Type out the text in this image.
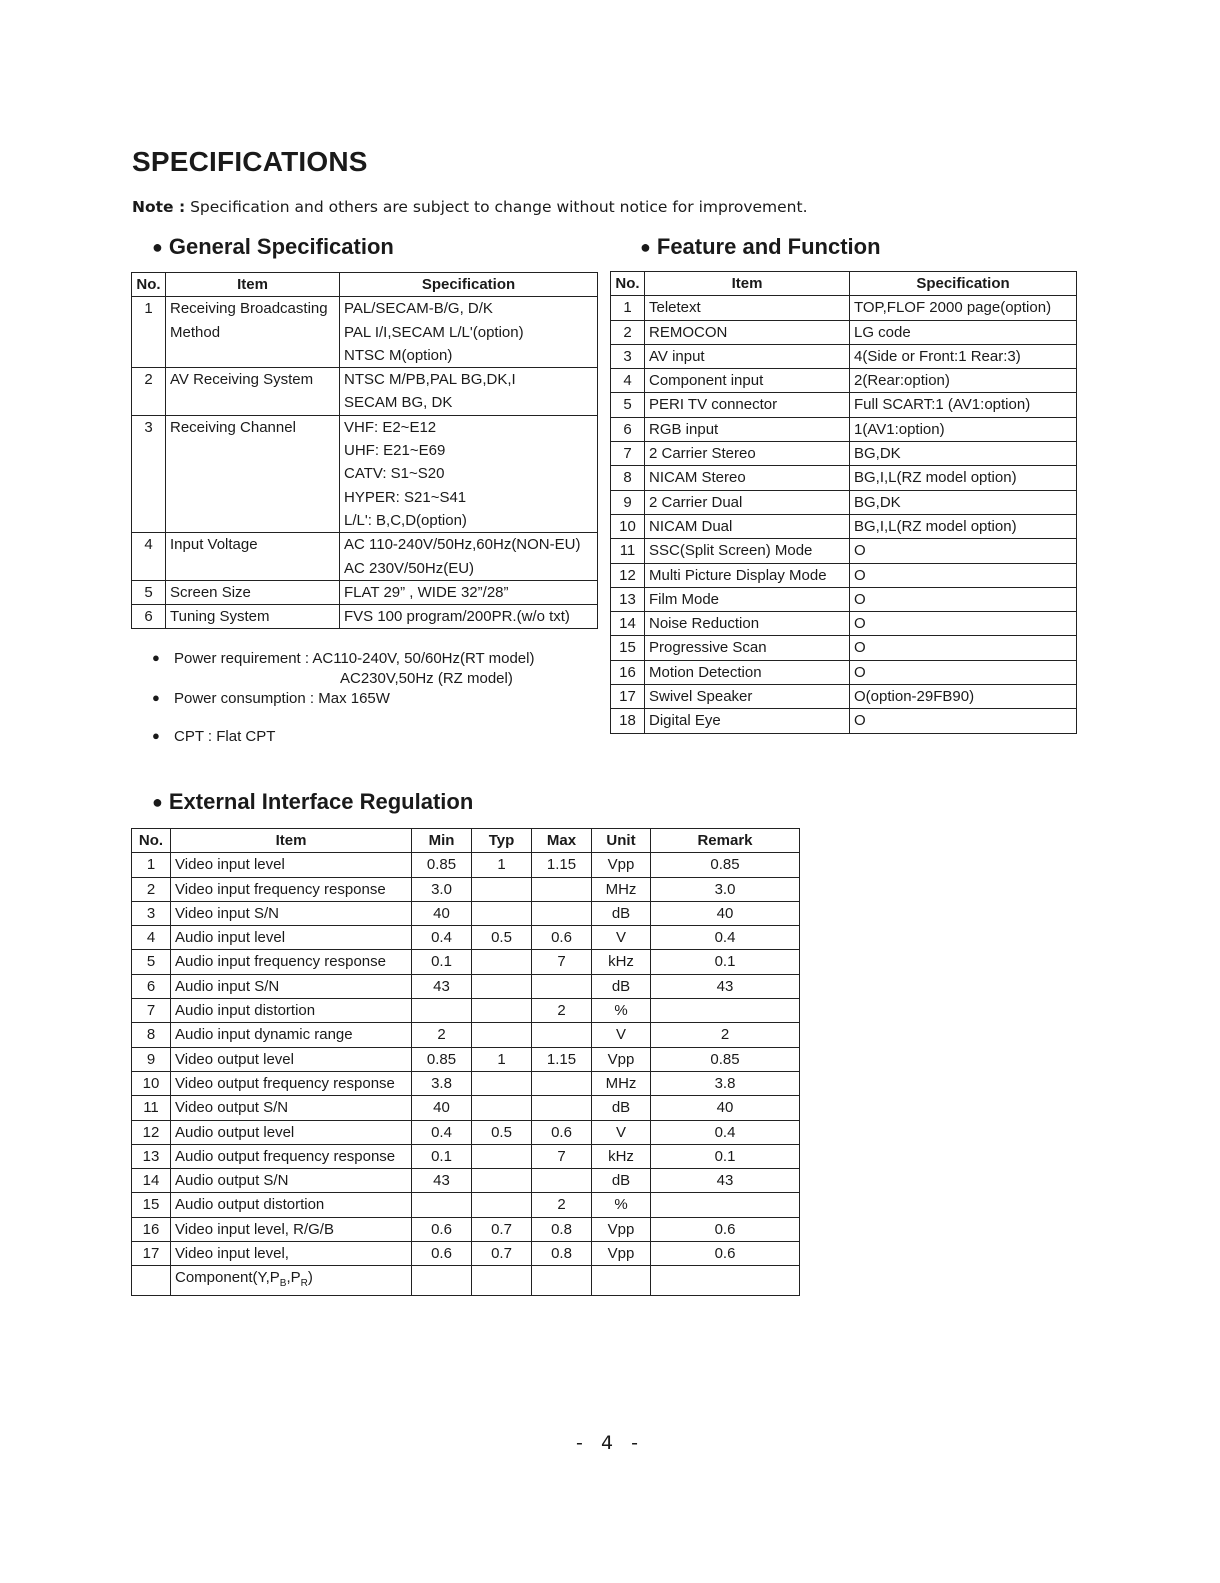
SPECIFICATIONS
Note : Specification and others are subject to change without notice for improvement.
● General Specification
No.	Item	Specification
1	Receiving Broadcasting	PAL/SECAM-B/G, D/K
	Method	PAL I/I,SECAM L/L'(option)
		NTSC M(option)
2	AV Receiving System	NTSC M/PB,PAL BG,DK,I
		SECAM BG, DK
3	Receiving Channel	VHF: E2~E12
		UHF: E21~E69
		CATV: S1~S20
		HYPER: S21~S41
		L/L': B,C,D(option)
4	Input Voltage	AC 110-240V/50Hz,60Hz(NON-EU)
		AC 230V/50Hz(EU)
5	Screen Size	FLAT 29” , WIDE 32”/28”
6	Tuning System	FVS 100 program/200PR.(w/o txt)
● Power requirement : AC110-240V, 50/60Hz(RT model)
AC230V,50Hz (RZ model)
● Power consumption : Max 165W
● CPT : Flat CPT
● Feature and Function
No.	Item	Specification
1	Teletext	TOP,FLOF 2000 page(option)
2	REMOCON	LG code
3	AV input	4(Side or Front:1 Rear:3)
4	Component input	2(Rear:option)
5	PERI TV connector	Full SCART:1 (AV1:option)
6	RGB input	1(AV1:option)
7	2 Carrier Stereo	BG,DK
8	NICAM Stereo	BG,I,L(RZ model option)
9	2 Carrier Dual	BG,DK
10	NICAM Dual	BG,I,L(RZ model option)
11	SSC(Split Screen) Mode	O
12	Multi Picture Display Mode	O
13	Film Mode	O
14	Noise Reduction	O
15	Progressive Scan	O
16	Motion Detection	O
17	Swivel Speaker	O(option-29FB90)
18	Digital Eye	O
● External Interface Regulation
No.	Item	Min	Typ	Max	Unit	Remark
1	Video input level	0.85	1	1.15	Vpp	0.85
2	Video input frequency response	3.0			MHz	3.0
3	Video input S/N	40			dB	40
4	Audio input level	0.4	0.5	0.6	V	0.4
5	Audio input frequency response	0.1		7	kHz	0.1
6	Audio input S/N	43			dB	43
7	Audio input distortion			2	%	
8	Audio input dynamic range	2			V	2
9	Video output level	0.85	1	1.15	Vpp	0.85
10	Video output frequency response	3.8			MHz	3.8
11	Video output S/N	40			dB	40
12	Audio output level	0.4	0.5	0.6	V	0.4
13	Audio output frequency response	0.1		7	kHz	0.1
14	Audio output S/N	43			dB	43
15	Audio output distortion			2	%	
16	Video input level, R/G/B	0.6	0.7	0.8	Vpp	0.6
17	Video input level,	0.6	0.7	0.8	Vpp	0.6
	$Component(Y,P_B,P_R)$					
- 4 -
